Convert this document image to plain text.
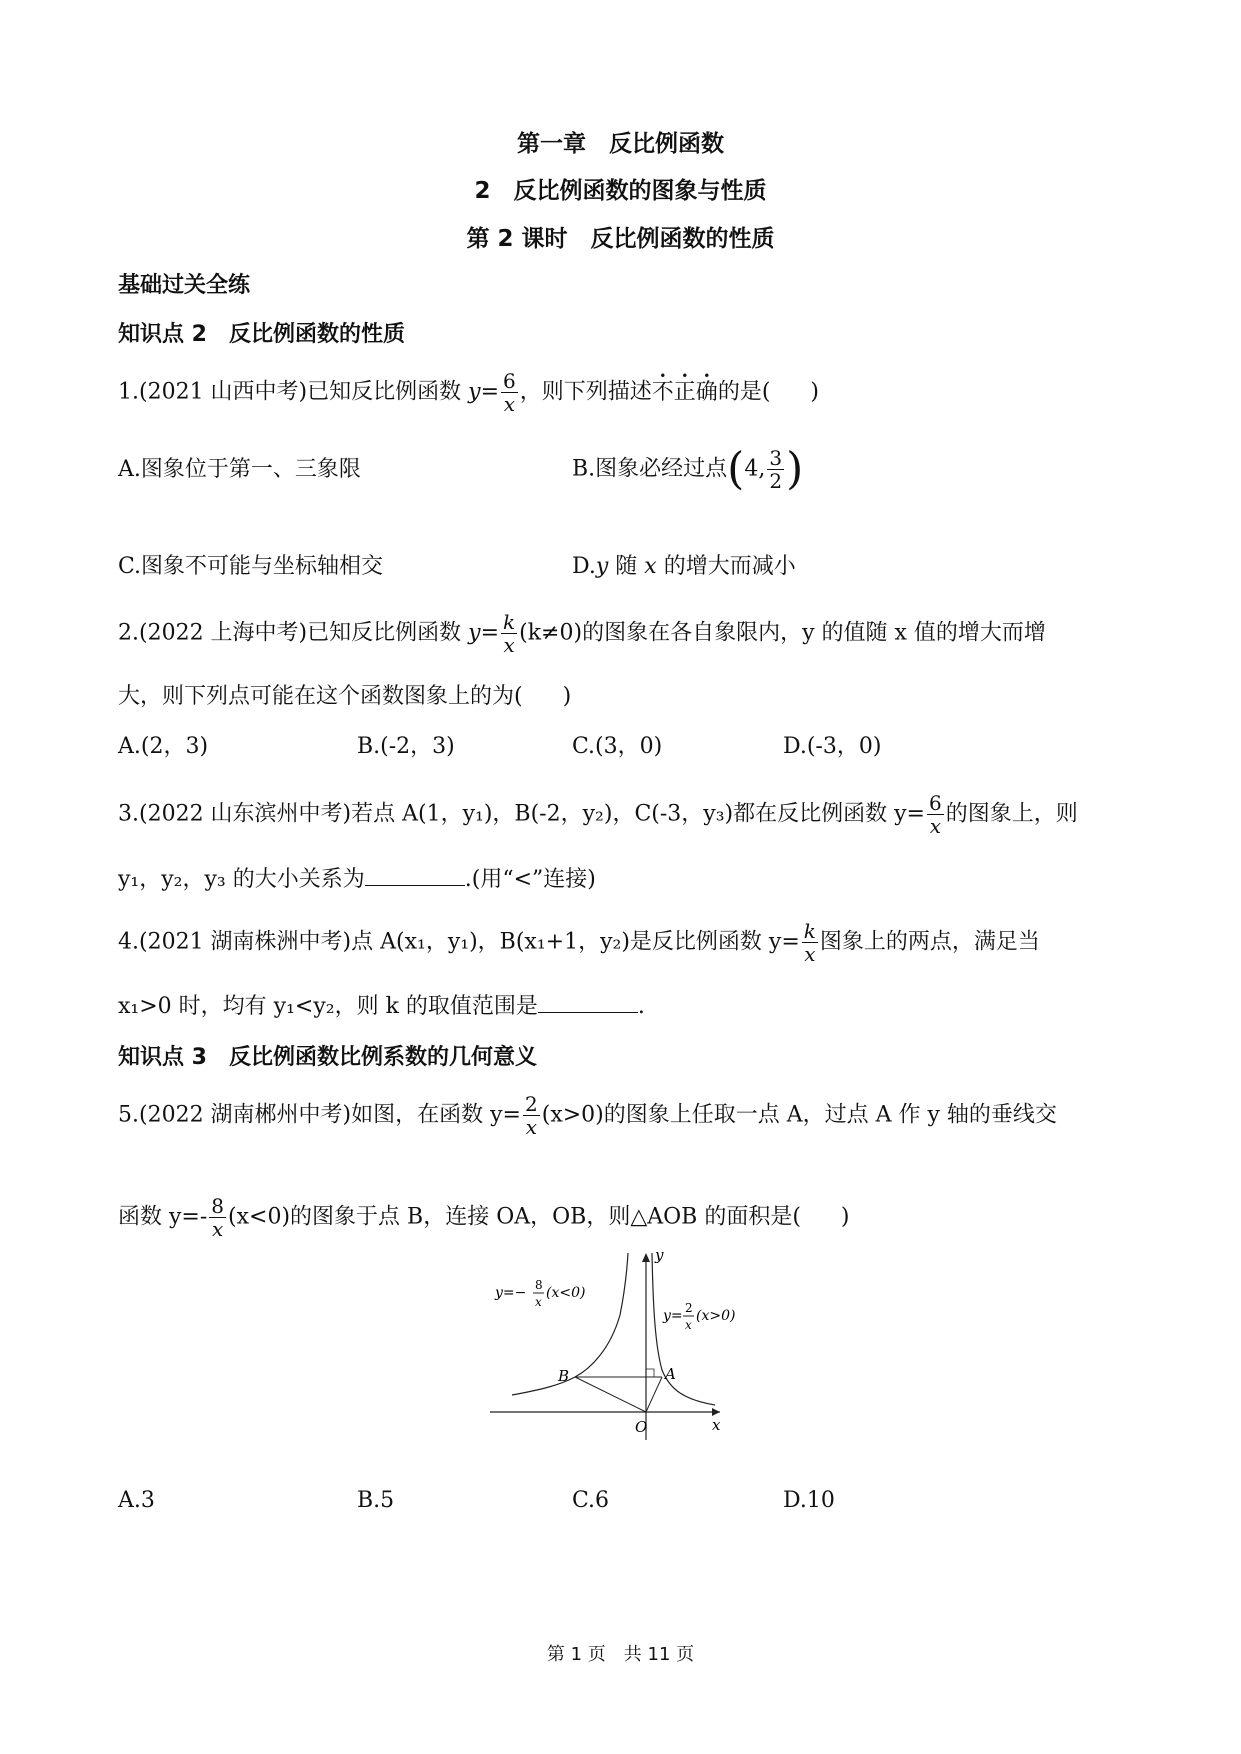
第一章　反比例函数
2　反比例函数的图象与性质
第 2 课时　反比例函数的性质
基础过关全练
知识点 2　反比例函数的性质
1.(2021 山西中考)已知反比例函数 $y= \frac{6}{x}$ ，则下列描述不正确的是( )
A.图象位于第一、三象限	B.图象必经过点(4, $\frac{3}{2}$ )
C.图象不可能与坐标轴相交	D.y 随 x 的增大而减小
2.(2022 上海中考)已知反比例函数 $y= \frac{k}{x} (k\ne 0)$的图象在各自象限内，y 的值随 x 值的增大而增
大，则下列点可能在这个函数图象上的为( )
A.(2，3)	B.(-2，3)	C.(3，0)	D.(-3，0)
3.(2022 山东滨州中考)若点 A(1，y₁)，B(-2，y₂)，C(-3，y₃)都在反比例函数 $y= \frac{6}{x}$ 的图象上，则
y₁，y₂，y₃ 的大小关系为	.(用“<”连接)
4.(2021 湖南株洲中考)点 A(x₁，y₁)，B(x₁+1，y₂)是反比例函数 $y= \frac{k}{x}$ 图象上的两点，满足当
x₁>0 时，均有 y₁<y₂，则 k 的取值范围是	.
知识点 3　反比例函数比例系数的几何意义
5.(2022 湖南郴州中考)如图，在函数 $y= \frac{2}{x} (x>0)$的图象上任取一点 A，过点 A 作 y 轴的垂线交
函数 $y=- \frac{8}{x} (x<0)$的图象于点 B，连接 OA，OB，则△AOB 的面积是( )
y=− 8
x
(x<0)
y= 2
x
(x>0)
B	A
O	x
y
A.3	B.5	C.6	D.10
第 1 页　共 11 页
